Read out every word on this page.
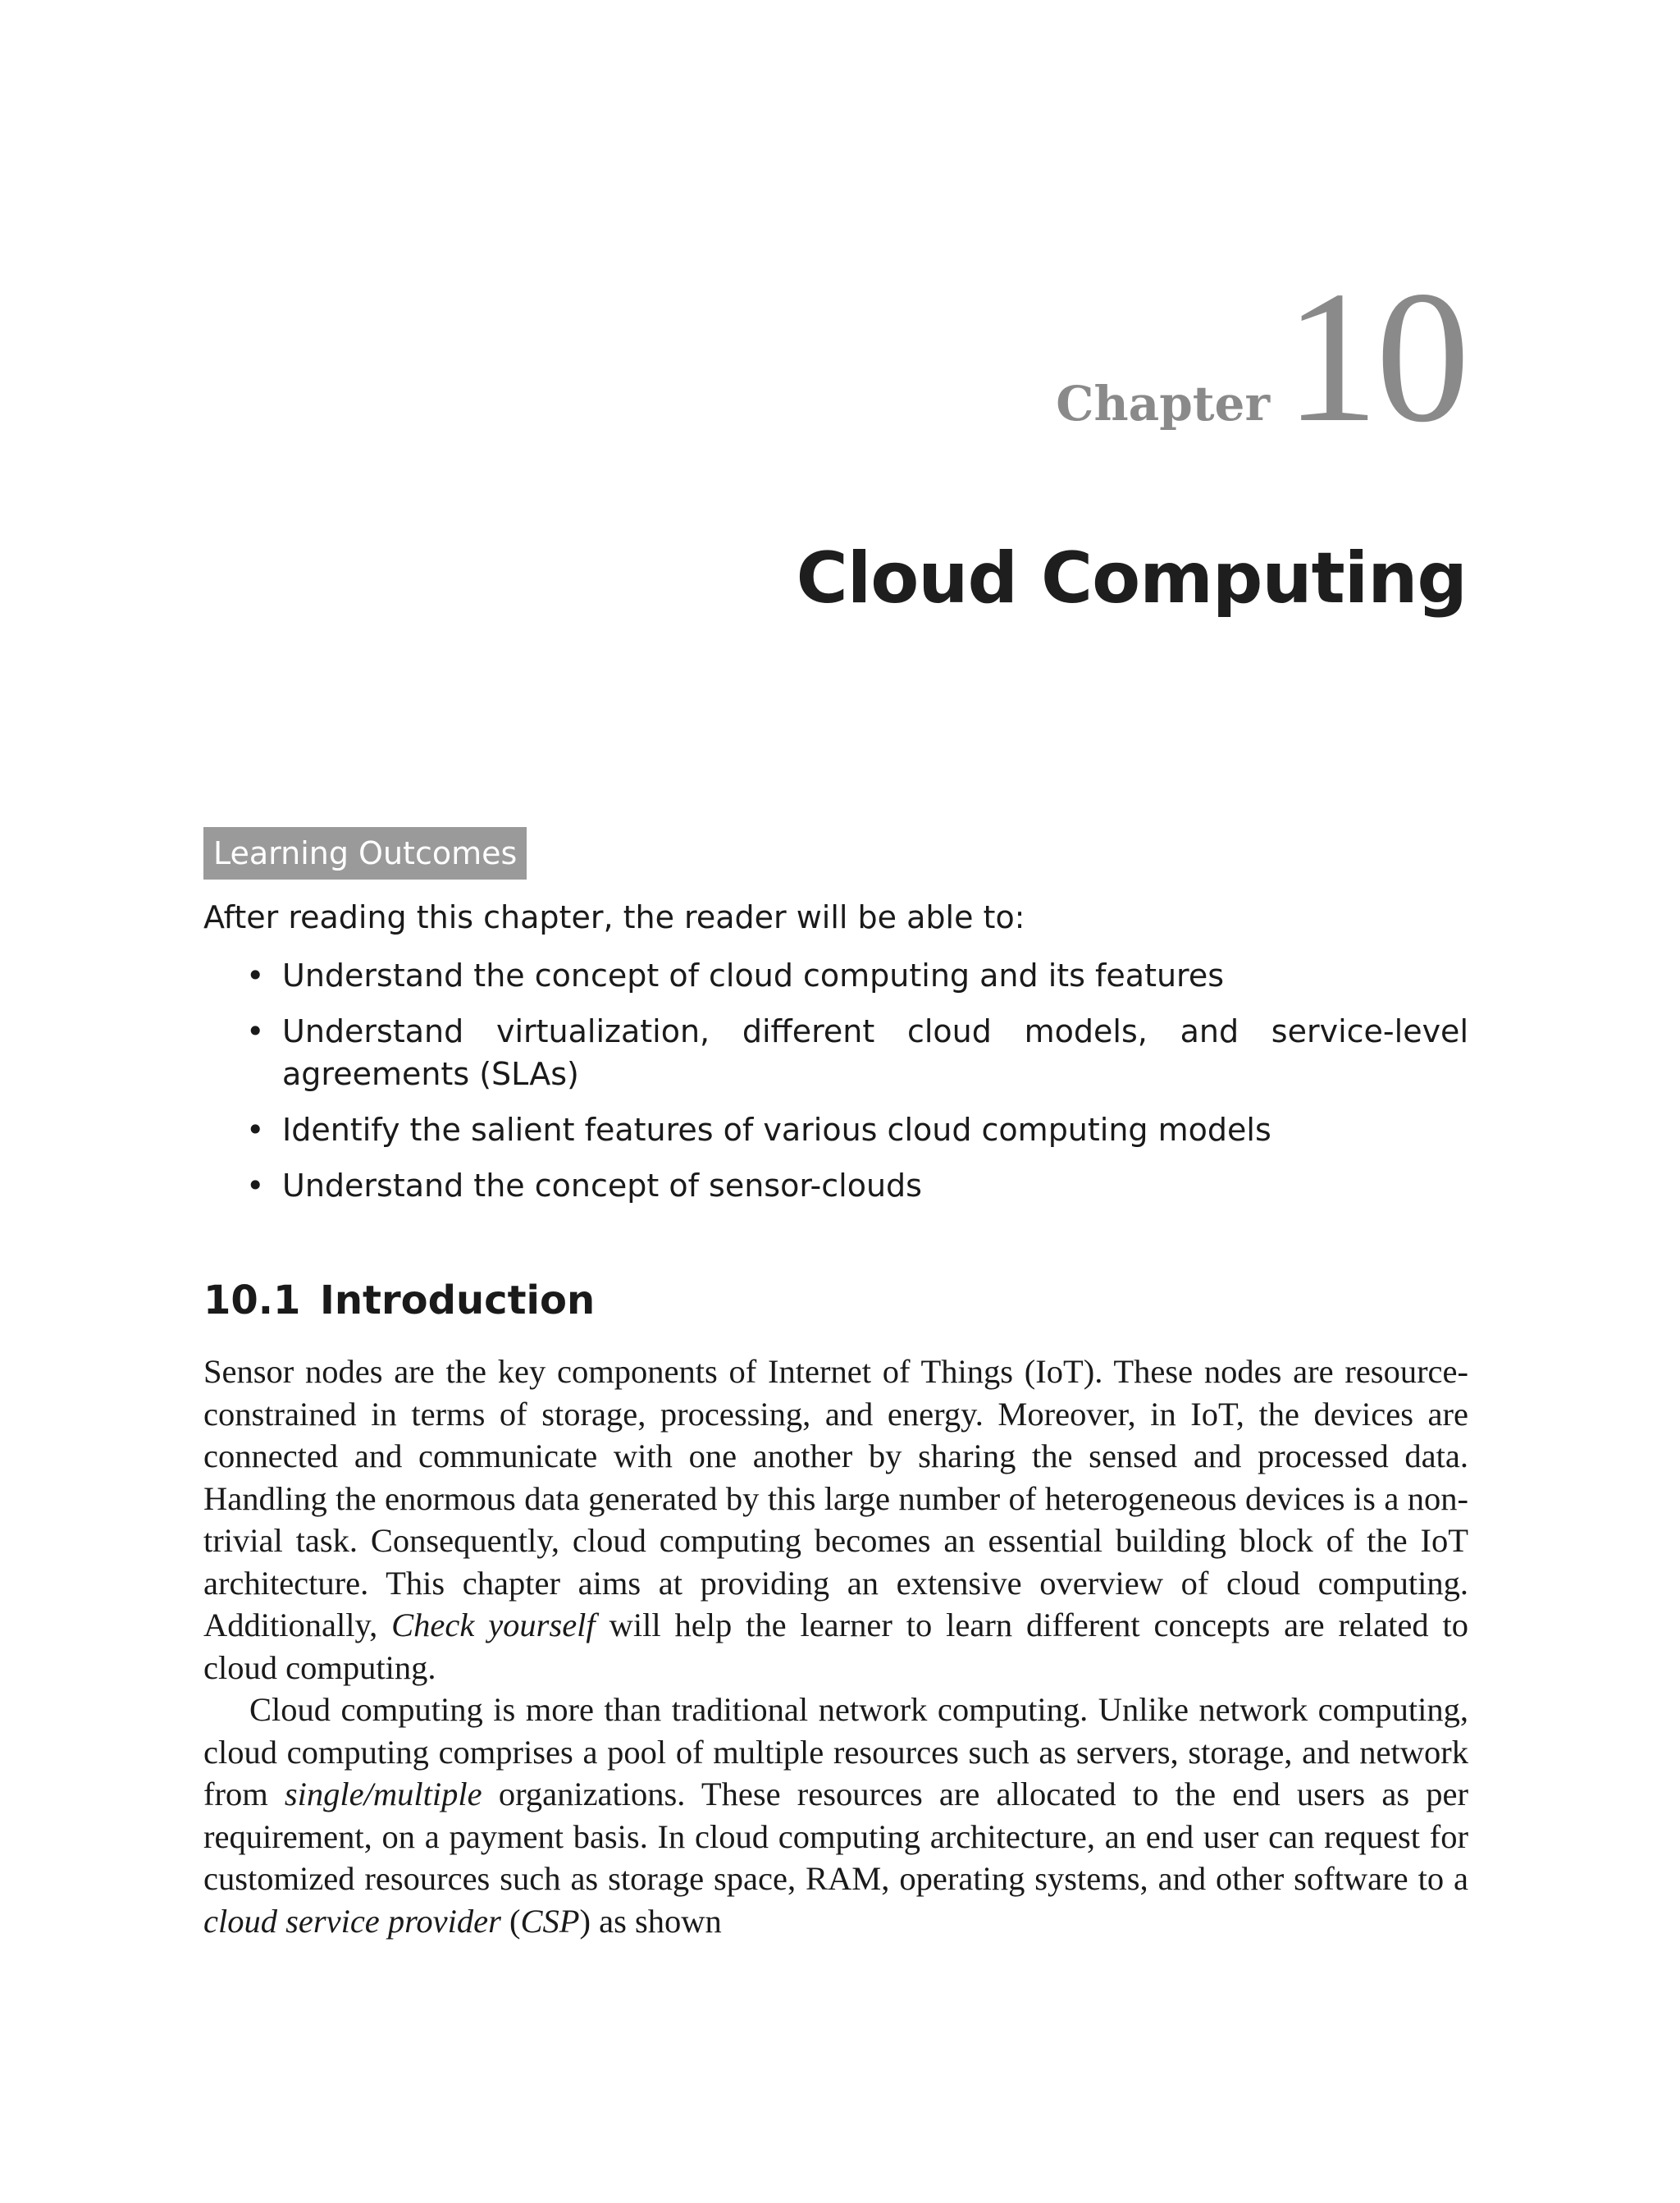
Chapter 10
Cloud Computing
Learning Outcomes
After reading this chapter, the reader will be able to:
• Understand the concept of cloud computing and its features
• Understand virtualization, different cloud models, and service-level agreements (SLAs)
• Identify the salient features of various cloud computing models
• Understand the concept of sensor-clouds
10.1 Introduction

Sensor nodes are the key components of Internet of Things (IoT). These nodes are resource-constrained in terms of storage, processing, and energy. Moreover, in IoT, the devices are connected and communicate with one another by sharing the sensed and processed data. Handling the enormous data generated by this large number of heterogeneous devices is a non-trivial task. Consequently, cloud computing becomes an essential building block of the IoT architecture. This chapter aims at providing an extensive overview of cloud computing. Additionally, Check yourself will help the learner to learn different concepts are related to cloud computing.

Cloud computing is more than traditional network computing. Unlike network computing, cloud computing comprises a pool of multiple resources such as servers, storage, and network from single/multiple organizations. These resources are allocated to the end users as per requirement, on a payment basis. In cloud computing architecture, an end user can request for customized resources such as storage space, RAM, operating systems, and other software to a cloud service provider (CSP) as shown
